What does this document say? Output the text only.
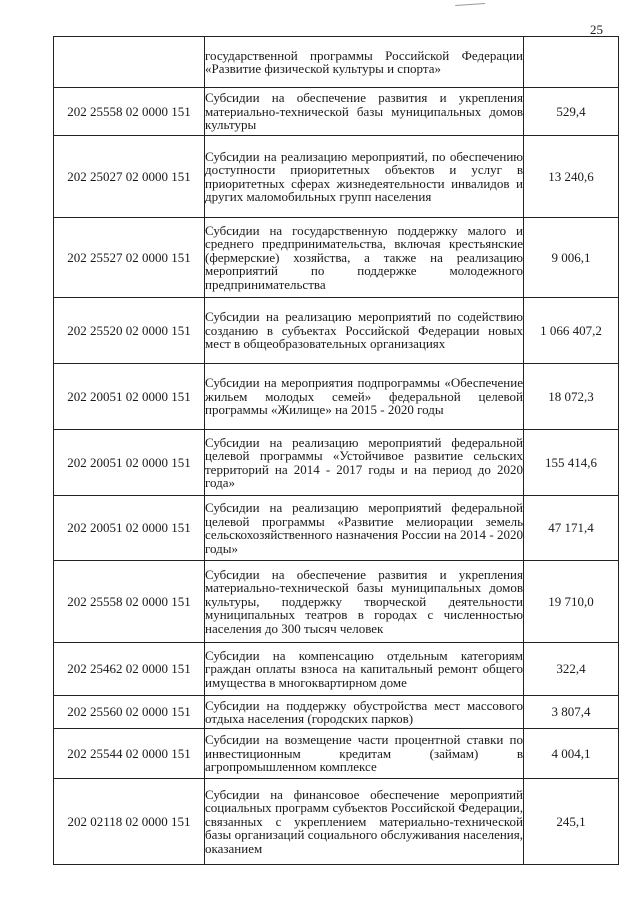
25
	государственной программы Российской Федерации «Развитие физической культуры и спорта»	
202 25558 02 0000 151	Субсидии на обеспечение развития и укрепления материально-технической базы муниципальных домов культуры	529,4
202 25027 02 0000 151	Субсидии на реализацию мероприятий, по обеспечению доступности приоритетных объектов и услуг в приоритетных сферах жизнедеятельности инвалидов и других маломобильных групп населения	13 240,6
202 25527 02 0000 151	Субсидии на государственную поддержку малого и среднего предпринимательства, включая крестьянские (фермерские) хозяйства, а также на реализацию мероприятий по поддержке молодежного предпринимательства	9 006,1
202 25520 02 0000 151	Субсидии на реализацию мероприятий по содействию созданию в субъектах Российской Федерации новых мест в общеобразовательных организациях	1 066 407,2
202 20051 02 0000 151	Субсидии на мероприятия подпрограммы «Обеспечение жильем молодых семей» федеральной целевой программы «Жилище» на 2015 - 2020 годы	18 072,3
202 20051 02 0000 151	Субсидии на реализацию мероприятий федеральной целевой программы «Устойчивое развитие сельских территорий на 2014 - 2017 годы и на период до 2020 года»	155 414,6
202 20051 02 0000 151	Субсидии на реализацию мероприятий федеральной целевой программы «Развитие мелиорации земель сельскохозяйственного назначения России на 2014 - 2020 годы»	47 171,4
202 25558 02 0000 151	Субсидии на обеспечение развития и укрепления материально-технической базы муниципальных домов культуры, поддержку творческой деятельности муниципальных театров в городах с численностью населения до 300 тысяч человек	19 710,0
202 25462 02 0000 151	Субсидии на компенсацию отдельным категориям граждан оплаты взноса на капитальный ремонт общего имущества в многоквартирном доме	322,4
202 25560 02 0000 151	Субсидии на поддержку обустройства мест массового отдыха населения (городских парков)	3 807,4
202 25544 02 0000 151	Субсидии на возмещение части процентной ставки по инвестиционным кредитам (займам) в агропромышленном комплексе	4 004,1
202 02118 02 0000 151	Субсидии на финансовое обеспечение мероприятий социальных программ субъектов Российской Федерации, связанных с укреплением материально-технической базы организаций социального обслуживания населения, оказанием	245,1
